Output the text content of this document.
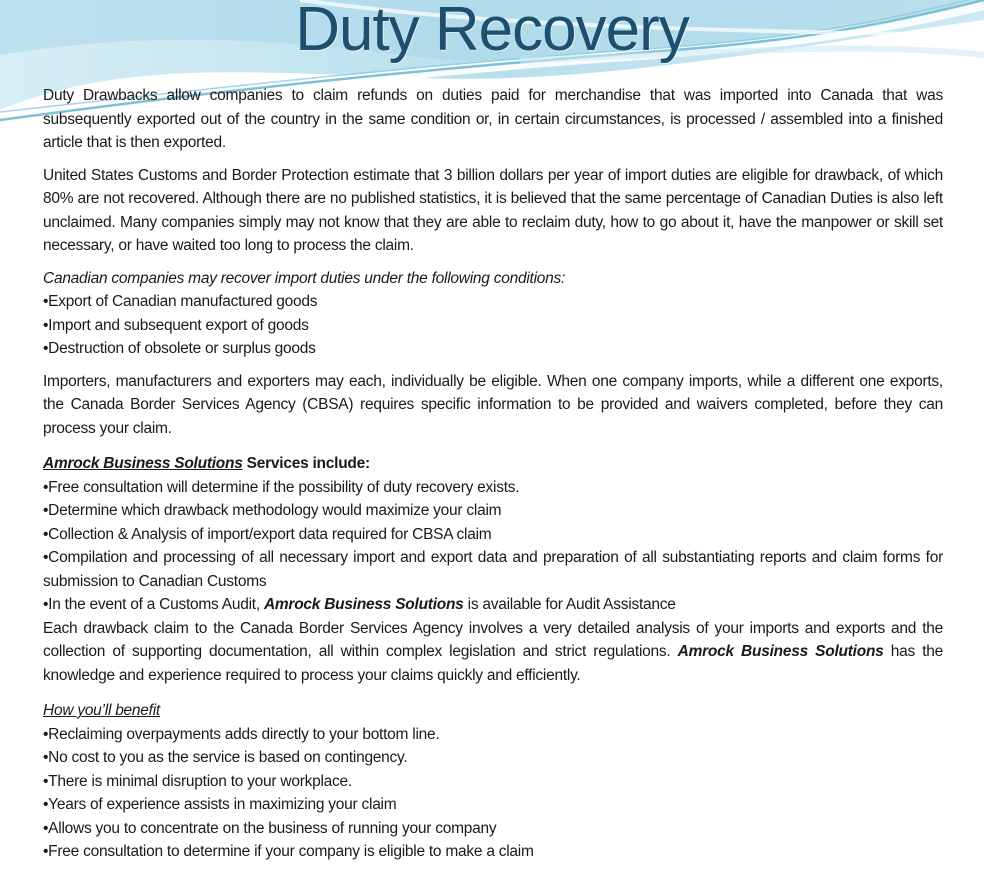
Duty Recovery

Duty Drawbacks allow companies to claim refunds on duties paid for merchandise that was imported into Canada that was subsequently exported out of the country in the same condition or, in certain circumstances, is processed / assembled into a finished article that is then exported.

United States Customs and Border Protection estimate that 3 billion dollars per year of import duties are eligible for drawback, of which 80% are not recovered. Although there are no published statistics, it is believed that the same percentage of Canadian Duties is also left unclaimed. Many companies simply may not know that they are able to reclaim duty, how to go about it, have the manpower or skill set necessary, or have waited too long to process the claim.

Canadian companies may recover import duties under the following conditions:

•Export of Canadian manufactured goods

•Import and subsequent export of goods

•Destruction of obsolete or surplus goods

Importers, manufacturers and exporters may each, individually be eligible. When one company imports, while a different one exports, the Canada Border Services Agency (CBSA) requires specific information to be provided and waivers completed, before they can process your claim.

Amrock Business Solutions Services include:

•Free consultation will determine if the possibility of duty recovery exists.

•Determine which drawback methodology would maximize your claim

•Collection & Analysis of import/export data required for CBSA claim

•Compilation and processing of all necessary import and export data and preparation of all substantiating reports and claim forms for submission to Canadian Customs

•In the event of a Customs Audit, Amrock Business Solutions is available for Audit Assistance

Each drawback claim to the Canada Border Services Agency involves a very detailed analysis of your imports and exports and the collection of supporting documentation, all within complex legislation and strict regulations. Amrock Business Solutions has the knowledge and experience required to process your claims quickly and efficiently.

How you’ll benefit

•Reclaiming overpayments adds directly to your bottom line.

•No cost to you as the service is based on contingency.

•There is minimal disruption to your workplace.

•Years of experience assists in maximizing your claim

•Allows you to concentrate on the business of running your company

•Free consultation to determine if your company is eligible to make a claim
